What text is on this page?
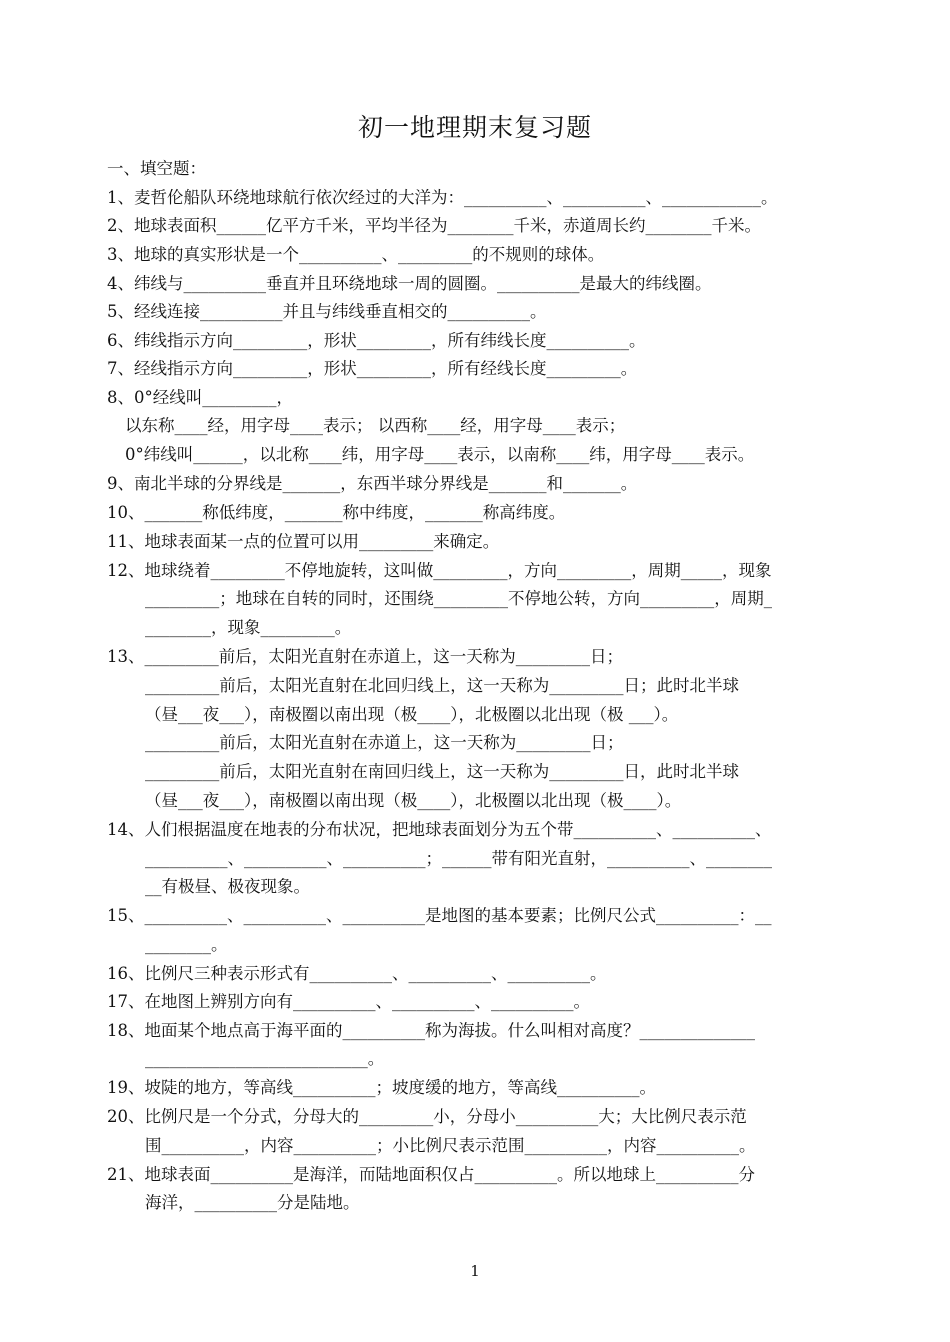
初一地理期末复习题
一、填空题：
1、麦哲伦船队环绕地球航行依次经过的大洋为：__________、__________、____________。
2、地球表面积______亿平方千米，平均半径为________千米，赤道周长约________千米。
3、地球的真实形状是一个__________、_________的不规则的球体。
4、纬线与__________垂直并且环绕地球一周的圆圈。__________是最大的纬线圈。
5、经线连接__________并且与纬线垂直相交的__________。
6、纬线指示方向_________，形状_________，所有纬线长度__________。
7、经线指示方向_________，形状_________，所有经线长度_________。
8、0°经线叫_________，
以东称____经，用字母____表示； 以西称____经，用字母____表示；
0°纬线叫______，以北称____纬，用字母____表示，以南称____纬，用字母____表示。
9、南北半球的分界线是_______，东西半球分界线是_______和_______。
10、_______称低纬度，_______称中纬度，_______称高纬度。
11、地球表面某一点的位置可以用_________来确定。
12、地球绕着_________不停地旋转，这叫做_________，方向_________，周期_____，现象
_________；地球在自转的同时，还围绕_________不停地公转，方向_________，周期_
________，现象_________。
13、_________前后，太阳光直射在赤道上，这一天称为_________日；
_________前后，太阳光直射在北回归线上，这一天称为_________日；此时北半球
（昼___夜___），南极圈以南出现（极____），北极圈以北出现（极 ___）。
_________前后，太阳光直射在赤道上，这一天称为_________日；
_________前后，太阳光直射在南回归线上，这一天称为_________日，此时北半球
（昼___夜___），南极圈以南出现（极____），北极圈以北出现（极____）。
14、人们根据温度在地表的分布状况，把地球表面划分为五个带__________、__________、
__________、__________、__________；______带有阳光直射，__________、________
__有极昼、极夜现象。
15、__________、__________、__________是地图的基本要素；比例尺公式__________：__
________。
16、比例尺三种表示形式有__________、__________、__________。
17、在地图上辨别方向有__________、__________、__________。
18、地面某个地点高于海平面的__________称为海拔。什么叫相对高度？______________
___________________________。
19、坡陡的地方，等高线__________；坡度缓的地方，等高线__________。
20、比例尺是一个分式，分母大的_________小，分母小__________大；大比例尺表示范
围__________，内容__________；小比例尺表示范围__________，内容__________。
21、地球表面__________是海洋，而陆地面积仅占__________。所以地球上__________分
海洋，__________分是陆地。
1
